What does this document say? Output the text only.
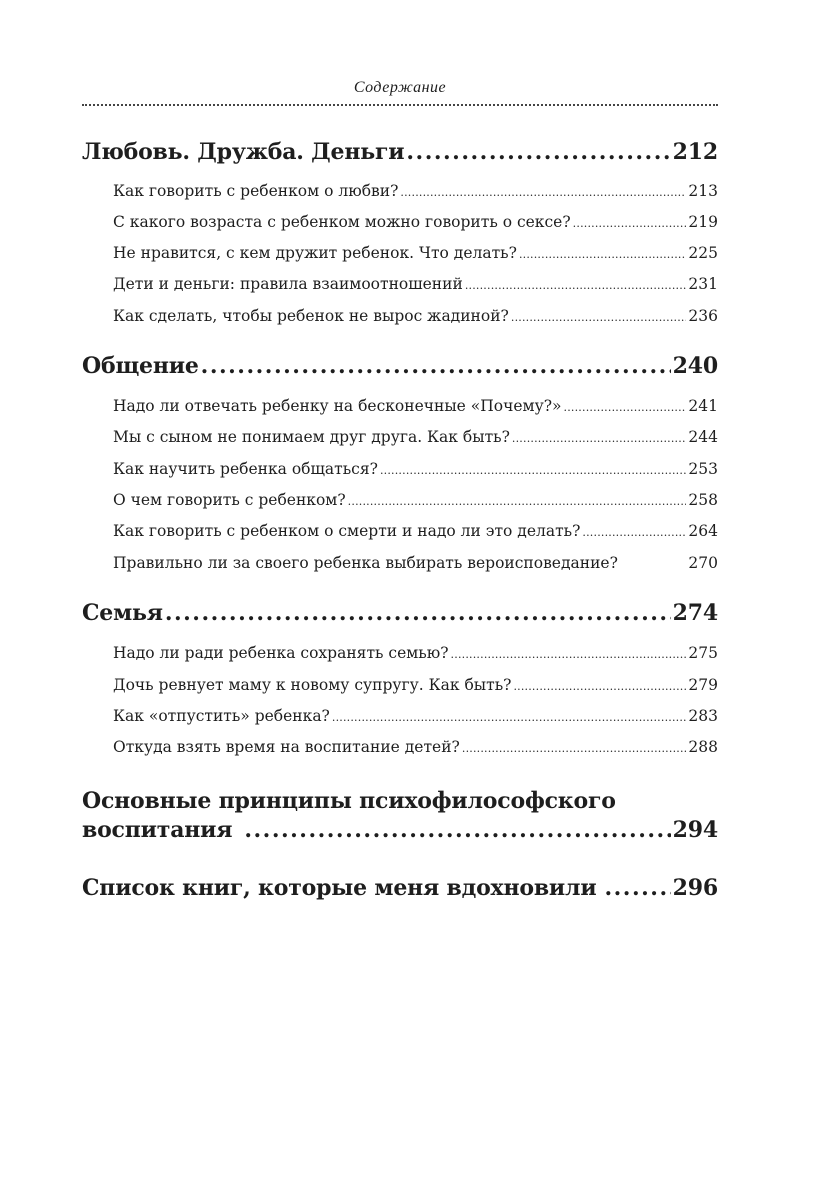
Содержание
Любовь. Дружба. Деньги .....	212
Как говорить с ребенком о любви? .....	213
С какого возраста с ребенком можно говорить о сексе? .....	219
Не нравится, с кем дружит ребенок. Что делать? .....	225
Дети и деньги: правила взаимоотношений .....	231
Как сделать, чтобы ребенок не вырос жадиной? .....	236
Общение .....	240
Надо ли отвечать ребенку на бесконечные «Почему?» .....	241
Мы с сыном не понимаем друг друга. Как быть? .....	244
Как научить ребенка общаться? .....	253
О чем говорить с ребенком? .....	258
Как говорить с ребенком о смерти и надо ли это делать? .....	264
Правильно ли за своего ребенка выбирать вероисповедание?	270
Семья .....	274
Надо ли ради ребенка сохранять семью? .....	275
Дочь ревнует маму к новому супругу. Как быть? .....	279
Как «отпустить» ребенка? .....	283
Откуда взять время на воспитание детей? .....	288
Основные принципы психофилософского
воспитания .....	294
Список книг, которые меня вдохновили .....	296
